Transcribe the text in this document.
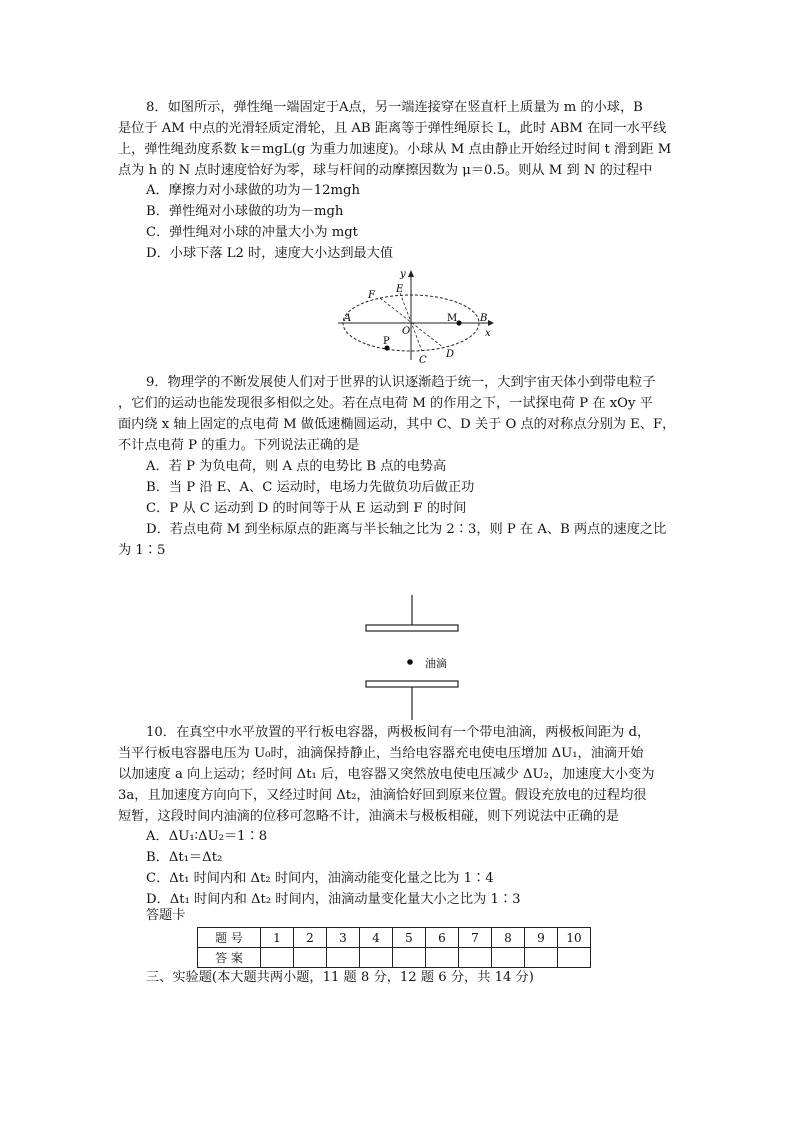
8．如图所示，弹性绳一端固定于A点，另一端连接穿在竖直杆上质量为 m 的小球，B
是位于 AM 中点的光滑轻质定滑轮，且 AB 距离等于弹性绳原长 L，此时 ABM 在同一水平线
上，弹性绳劲度系数 k＝mgL(g 为重力加速度)。小球从 M 点由静止开始经过时间 t 滑到距 M
点为 h 的 N 点时速度恰好为零，球与杆间的动摩擦因数为 μ＝0.5。则从 M 到 N 的过程中
A．摩擦力对小球做的功为－12mgh
B．弹性绳对小球做的功为－mgh
C．弹性绳对小球的冲量大小为 mgt
D．小球下落 L2 时，速度大小达到最大值
y
x
E
F
A
O
M B
P
C
D
9．物理学的不断发展使人们对于世界的认识逐渐趋于统一，大到宇宙天体小到带电粒子
，它们的运动也能发现很多相似之处。若在点电荷 M 的作用之下，一试探电荷 P 在 xOy 平
面内绕 x 轴上固定的点电荷 M 做低速椭圆运动，其中 C、D 关于 O 点的对称点分别为 E、F，
不计点电荷 P 的重力。下列说法正确的是
A．若 P 为负电荷，则 A 点的电势比 B 点的电势高
B．当 P 沿 E、A、C 运动时，电场力先做负功后做正功
C．P 从 C 运动到 D 的时间等于从 E 运动到 F 的时间
D．若点电荷 M 到坐标原点的距离与半长轴之比为 2∶3，则 P 在 A、B 两点的速度之比
为 1∶5
油滴
10．在真空中水平放置的平行板电容器，两极板间有一个带电油滴，两极板间距为 d，
当平行板电容器电压为 U₀时，油滴保持静止，当给电容器充电使电压增加 ΔU₁，油滴开始
以加速度 a 向上运动；经时间 Δt₁ 后，电容器又突然放电使电压减少 ΔU₂，加速度大小变为
3a，且加速度方向向下，又经过时间 Δt₂，油滴恰好回到原来位置。假设充放电的过程均很
短暂，这段时间内油滴的位移可忽略不计，油滴未与极板相碰，则下列说法中正确的是
A．ΔU₁∶ΔU₂＝1∶8
B．Δt₁＝Δt₂
C．Δt₁ 时间内和 Δt₂ 时间内，油滴动能变化量之比为 1∶4
D．Δt₁ 时间内和 Δt₂ 时间内，油滴动量变化量大小之比为 1∶3
答题卡
题 号	1	2	3	4	5	6	7	8	9	10
答 案										
三、实验题(本大题共两小题，11 题 8 分，12 题 6 分，共 14 分)
